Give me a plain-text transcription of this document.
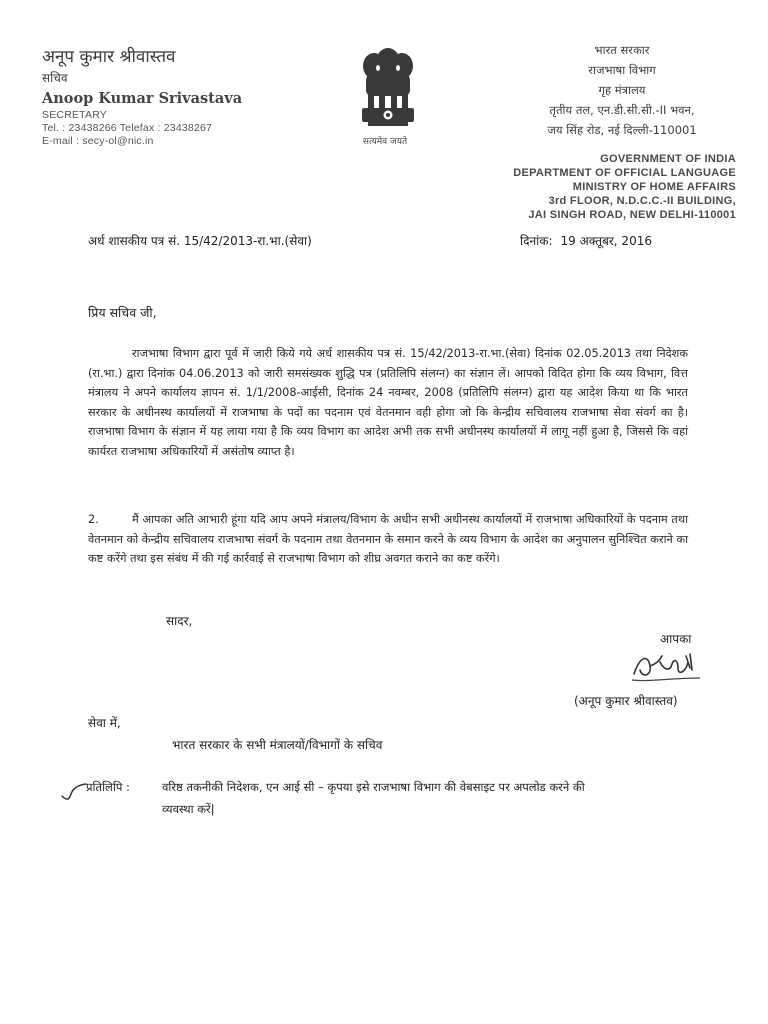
अनूप कुमार श्रीवास्तव
सचिव
Anoop Kumar Srivastava
SECRETARY
Tel. : 23438266 Telefax : 23438267
E-mail : secy-ol@nic.in	सत्यमेव जयते
भारत सरकार
राजभाषा विभाग
गृह मंत्रालय
तृतीय तल, एन.डी.सी.सी.-II भवन,
जय सिंह रोड, नई दिल्ली-110001
GOVERNMENT OF INDIA
DEPARTMENT OF OFFICIAL LANGUAGE
MINISTRY OF HOME AFFAIRS
3rd FLOOR, N.D.C.C.-II BUILDING,
JAI SINGH ROAD, NEW DELHI-110001
अर्ध शासकीय पत्र सं. 15/42/2013-रा.भा.(सेवा)	दिनांक: 19 अक्तूबर, 2016
प्रिय सचिव जी,
राजभाषा विभाग द्वारा पूर्व में जारी किये गये अर्ध शासकीय पत्र सं. 15/42/2013-रा.भा.(सेवा) दिनांक 02.05.2013 तथा निदेशक (रा.भा.) द्वारा दिनांक 04.06.2013 को जारी समसंख्यक शुद्धि पत्र (प्रतिलिपि संलग्न) का संज्ञान लें। आपको विदित होगा कि व्यय विभाग, वित्त मंत्रालय ने अपने कार्यालय ज्ञापन सं. 1/1/2008-आईसी, दिनांक 24 नवम्बर, 2008 (प्रतिलिपि संलग्न) द्वारा यह आदेश किया था कि भारत सरकार के अधीनस्थ कार्यालयों में राजभाषा के पदों का पदनाम एवं वेतनमान वही होगा जो कि केन्द्रीय सचिवालय राजभाषा सेवा संवर्ग का है। राजभाषा विभाग के संज्ञान में यह लाया गया है कि व्यय विभाग का आदेश अभी तक सभी अधीनस्थ कार्यालयों में लागू नहीं हुआ है, जिससे कि वहां कार्यरत राजभाषा अधिकारियों में असंतोष व्याप्त है।
2.	मैं आपका अति आभारी हूंगा यदि आप अपने मंत्रालय/विभाग के अधीन सभी अधीनस्थ कार्यालयों में राजभाषा अधिकारियों के पदनाम तथा वेतनमान को केन्द्रीय सचिवालय राजभाषा संवर्ग के पदनाम तथा वेतनमान के समान करने के व्यय विभाग के आदेश का अनुपालन सुनिश्चित कराने का कष्ट करेंगे तथा इस संबंध में की गई कार्रवाई से राजभाषा विभाग को शीघ्र अवगत कराने का कष्ट करेंगे।
सादर,
आपका
(अनूप कुमार श्रीवास्तव)
सेवा में,
भारत सरकार के सभी मंत्रालयों/विभागों के सचिव
प्रतिलिपि :	वरिष्ठ तकनीकी निदेशक, एन आई सी – कृपया इसे राजभाषा विभाग की वेबसाइट पर अपलोड करने की
व्यवस्था करें|
